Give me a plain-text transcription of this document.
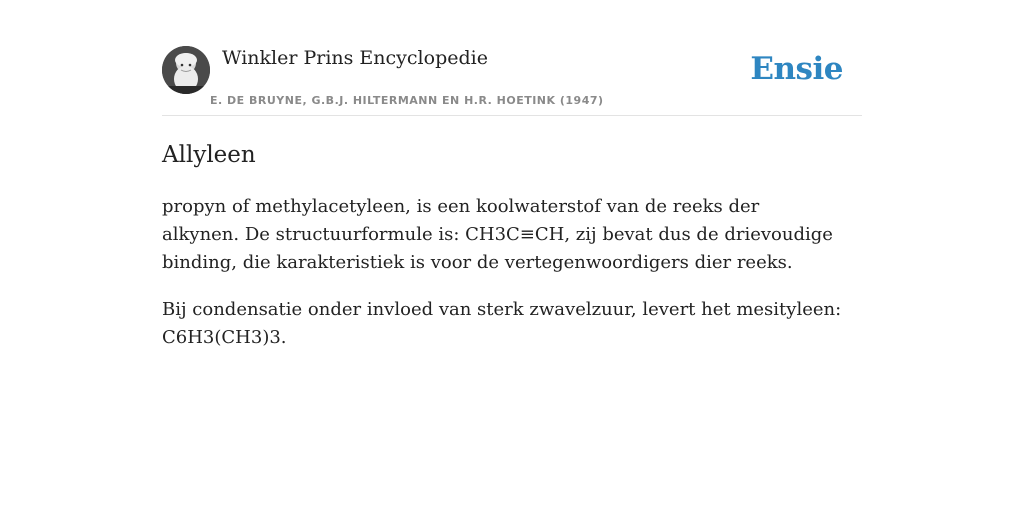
Winkler Prins Encyclopedie
E. DE BRUYNE, G.B.J. HILTERMANN EN H.R. HOETINK (1947)
Ensie
Allyleen

propyn of methylacetyleen, is een koolwaterstof van de reeks der alkynen. De structuurformule is: CH3C≡CH, zij bevat dus de drievoudige binding, die karakteristiek is voor de vertegenwoordigers dier reeks.

Bij condensatie onder invloed van sterk zwavelzuur, levert het mesityleen: C6H3(CH3)3.
